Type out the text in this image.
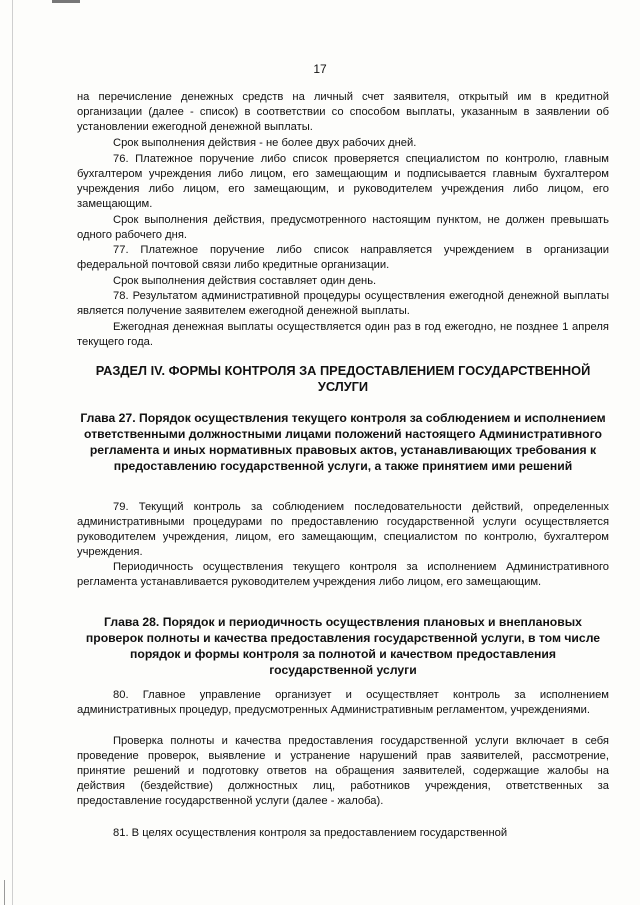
17

на перечисление денежных средств на личный счет заявителя, открытый им в кредитной организации (далее - список) в соответствии со способом выплаты, указанным в заявлении об установлении ежегодной денежной выплаты.

Срок выполнения действия - не более двух рабочих дней.

76. Платежное поручение либо список проверяется специалистом по контролю, главным бухгалтером учреждения либо лицом, его замещающим и подписывается главным бухгалтером учреждения либо лицом, его замещающим, и руководителем учреждения либо лицом, его замещающим.

Срок выполнения действия, предусмотренного настоящим пунктом, не должен превышать одного рабочего дня.

77. Платежное поручение либо список направляется учреждением в организации федеральной почтовой связи либо кредитные организации.

Срок выполнения действия составляет один день.

78. Результатом административной процедуры осуществления ежегодной денежной выплаты является получение заявителем ежегодной денежной выплаты.

Ежегодная денежная выплаты осуществляется один раз в год ежегодно, не позднее 1 апреля текущего года.

РАЗДЕЛ IV. ФОРМЫ КОНТРОЛЯ ЗА ПРЕДОСТАВЛЕНИЕМ ГОСУДАРСТВЕННОЙ УСЛУГИ
Глава 27. Порядок осуществления текущего контроля за соблюдением и исполнением ответственными должностными лицами положений настоящего Административного регламента и иных нормативных правовых актов, устанавливающих требования к предоставлению государственной услуги, а также принятием ими решений

79. Текущий контроль за соблюдением последовательности действий, определенных административными процедурами по предоставлению государственной услуги осуществляется руководителем учреждения, лицом, его замещающим, специалистом по контролю, бухгалтером учреждения.

Периодичность осуществления текущего контроля за исполнением Административного регламента устанавливается руководителем учреждения либо лицом, его замещающим.

Глава 28. Порядок и периодичность осуществления плановых и внеплановых проверок полноты и качества предоставления государственной услуги, в том числе порядок и формы контроля за полнотой и качеством предоставления государственной услуги

80. Главное управление организует и осуществляет контроль за исполнением административных процедур, предусмотренных Административным регламентом, учреждениями.

Проверка полноты и качества предоставления государственной услуги включает в себя проведение проверок, выявление и устранение нарушений прав заявителей, рассмотрение, принятие решений и подготовку ответов на обращения заявителей, содержащие жалобы на действия (бездействие) должностных лиц, работников учреждения, ответственных за предоставление государственной услуги (далее - жалоба).

81. В целях осуществления контроля за предоставлением государственной
